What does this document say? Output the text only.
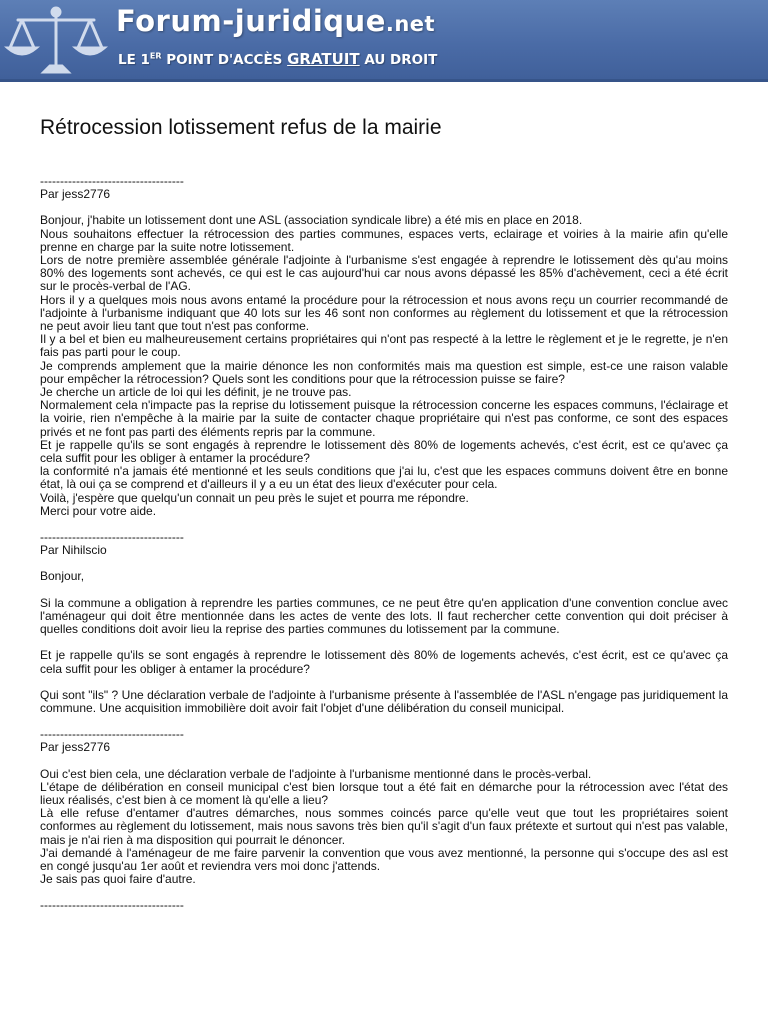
Forum-juridique.net
LE 1ER POINT D'ACCÈS GRATUIT AU DROIT
Rétrocession lotissement refus de la mairie
------------------------------------
Par jess2776
Bonjour, j'habite un lotissement dont une ASL (association syndicale libre) a été mis en place en 2018.
Nous souhaitons effectuer la rétrocession des parties communes, espaces verts, eclairage et voiries à la mairie afin qu'elle prenne en charge par la suite notre lotissement.
Lors de notre première assemblée générale l'adjointe à l'urbanisme s'est engagée à reprendre le lotissement dès qu'au moins 80% des logements sont achevés, ce qui est le cas aujourd'hui car nous avons dépassé les 85% d'achèvement, ceci a été écrit sur le procès-verbal de l'AG.
Hors il y a quelques mois nous avons entamé la procédure pour la rétrocession et nous avons reçu un courrier recommandé de l'adjointe à l'urbanisme indiquant que 40 lots sur les 46 sont non conformes au règlement du lotissement et que la rétrocession ne peut avoir lieu tant que tout n'est pas conforme.
Il y a bel et bien eu malheureusement certains propriétaires qui n'ont pas respecté à la lettre le règlement et je le regrette, je n'en fais pas parti pour le coup.
Je comprends amplement que la mairie dénonce les non conformités mais ma question est simple, est-ce une raison valable pour empêcher la rétrocession? Quels sont les conditions pour que la rétrocession puisse se faire?
Je cherche un article de loi qui les définit, je ne trouve pas.
Normalement cela n'impacte pas la reprise du lotissement puisque la rétrocession concerne les espaces communs, l'éclairage et la voirie, rien n'empêche à la mairie par la suite de contacter chaque propriétaire qui n'est pas conforme, ce sont des espaces privés et ne font pas parti des éléments repris par la commune.
Et je rappelle qu'ils se sont engagés à reprendre le lotissement dès 80% de logements achevés, c'est écrit, est ce qu'avec ça cela suffit pour les obliger à entamer la procédure?
la conformité n'a jamais été mentionné et les seuls conditions que j'ai lu, c'est que les espaces communs doivent être en bonne état, là oui ça se comprend et d'ailleurs il y a eu un état des lieux d'exécuter pour cela.
Voilà, j'espère que quelqu'un connait un peu près le sujet et pourra me répondre.
Merci pour votre aide.
------------------------------------
Par Nihilscio
Bonjour,
Si la commune a obligation à reprendre les parties communes, ce ne peut être qu'en application d'une convention conclue avec l'aménageur qui doit être mentionnée dans les actes de vente des lots. Il faut rechercher cette convention qui doit préciser à quelles conditions doit avoir lieu la reprise des parties communes du lotissement par la commune.
Et je rappelle qu'ils se sont engagés à reprendre le lotissement dès 80% de logements achevés, c'est écrit, est ce qu'avec ça cela suffit pour les obliger à entamer la procédure?
Qui sont "ils" ? Une déclaration verbale de l'adjointe à l'urbanisme présente à l'assemblée de l'ASL n'engage pas juridiquement la commune. Une acquisition immobilière doit avoir fait l'objet d'une délibération du conseil municipal.
------------------------------------
Par jess2776
Oui c'est bien cela, une déclaration verbale de l'adjointe à l'urbanisme mentionné dans le procès-verbal.
L'étape de délibération en conseil municipal c'est bien lorsque tout a été fait en démarche pour la rétrocession avec l'état des lieux réalisés, c'est bien à ce moment là qu'elle a lieu?
Là elle refuse d'entamer d'autres démarches, nous sommes coincés parce qu'elle veut que tout les propriétaires soient conformes au règlement du lotissement, mais nous savons très bien qu'il s'agit d'un faux prétexte et surtout qui n'est pas valable, mais je n'ai rien à ma disposition qui pourrait le dénoncer.
J'ai demandé à l'aménageur de me faire parvenir la convention que vous avez mentionné, la personne qui s'occupe des asl est en congé jusqu'au 1er août et reviendra vers moi donc j'attends.
Je sais pas quoi faire d'autre.
------------------------------------
